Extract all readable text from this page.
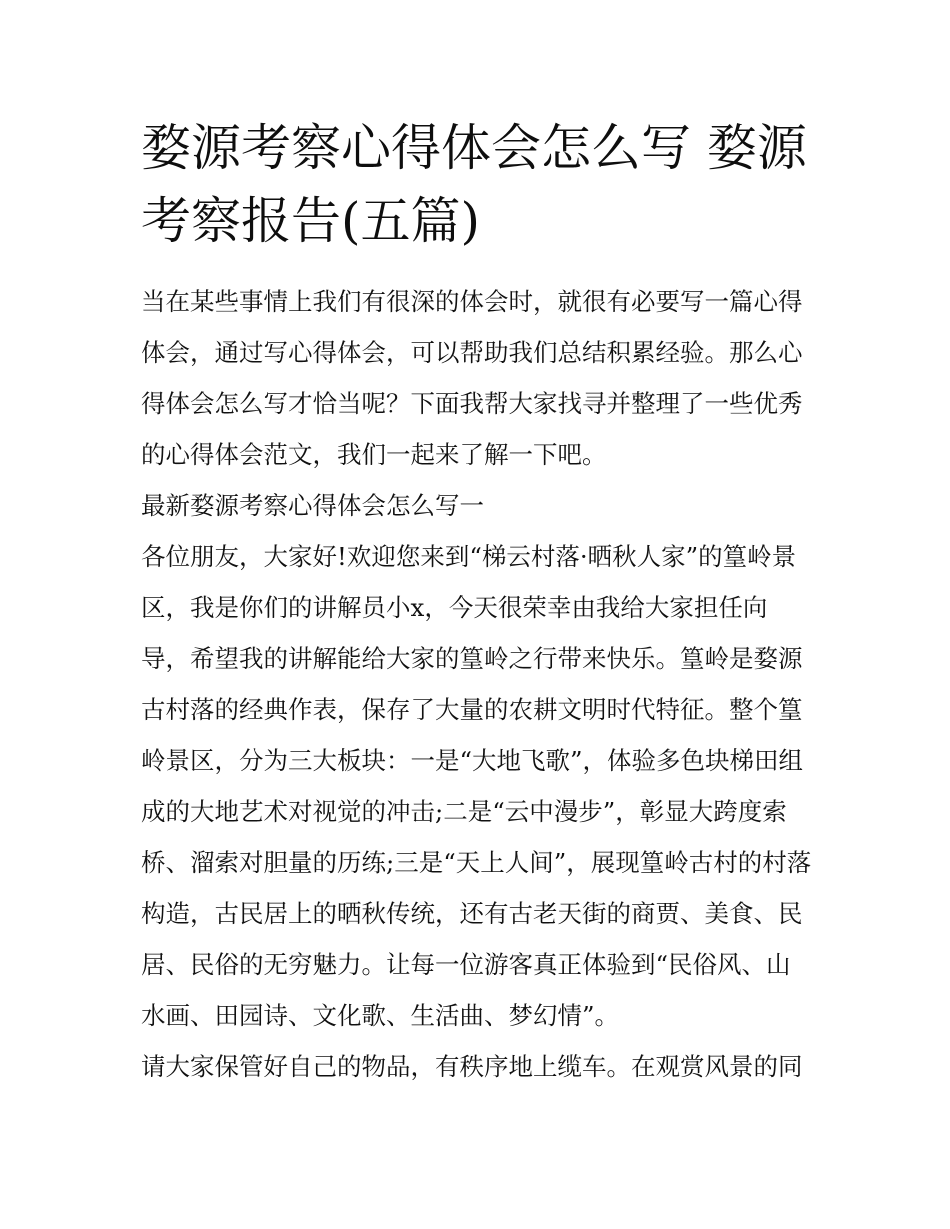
婺源考察心得体会怎么写 婺源考察报告(五篇)

当在某些事情上我们有很深的体会时，就很有必要写一篇心得体会，通过写心得体会，可以帮助我们总结积累经验。那么心得体会怎么写才恰当呢？下面我帮大家找寻并整理了一些优秀的心得体会范文，我们一起来了解一下吧。

最新婺源考察心得体会怎么写一

各位朋友，大家好!欢迎您来到“梯云村落·晒秋人家”的篁岭景区，我是你们的讲解员小x，今天很荣幸由我给大家担任向导，希望我的讲解能给大家的篁岭之行带来快乐。篁岭是婺源古村落的经典作表，保存了大量的农耕文明时代特征。整个篁岭景区，分为三大板块：一是“大地飞歌”，体验多色块梯田组成的大地艺术对视觉的冲击;二是“云中漫步”，彰显大跨度索桥、溜索对胆量的历练;三是“天上人间”，展现篁岭古村的村落构造，古民居上的晒秋传统，还有古老天街的商贾、美食、民居、民俗的无穷魅力。让每一位游客真正体验到“民俗风、山水画、田园诗、文化歌、生活曲、梦幻情”。

请大家保管好自己的物品，有秩序地上缆车。在观赏风景的同
